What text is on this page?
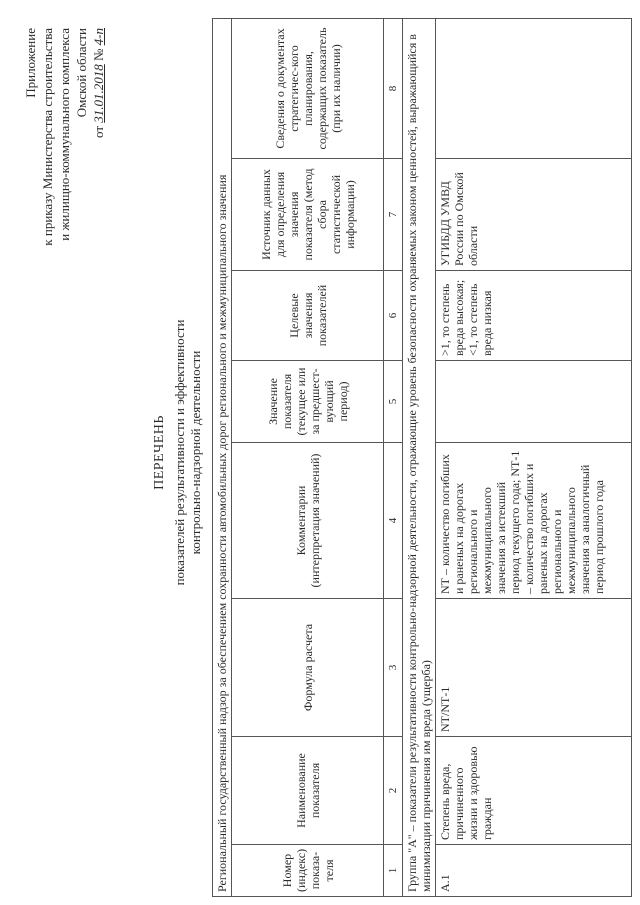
Приложение к приказу Министерства строительства и жилищно-коммунального комплекса Омской области
от 31.01.2018 № 4-п
ПЕРЕЧЕНЬ показателей результативности и эффективности контрольно-надзорной деятельности Региональный государственный надзор за обеспечением сохранности автомобильных дорог регионального и межмуниципального значения							
Номер (индекс) показа-теля	Наименование показателя	Формула расчета	Комментарии (интерпретация значений)	Значение показателя (текущее или за предшест-вующий период)	Целевые значения показателей	Источник данных для определения значения показателя (метод сбора статистической информации)	Сведения о документах стратегичес-кого планирования, содержащих показатель (при их наличии)
1	2	3	4	5	6	7	8
Группа "А" – показатели результативности контрольно-надзорной деятельности, отражающие уровень безопасности охраняемых законом ценностей, выражающийся в минимизации причинения им вреда (ущерба)							
А.1	Степень вреда, причиненного жизни и здоровью граждан	NТ/NТ-1	NТ – количество погибших и раненых на дорогах регионального и межмуниципального значения за истекший период текущего года; NТ-1 – количество погибших и раненых на дорогах регионального и межмуниципального значения за аналогичный период прошлого года		>1, то степень вреда высокая; <1, то степень вреда низкая	УГИБДД УМВД России по Омской области	
